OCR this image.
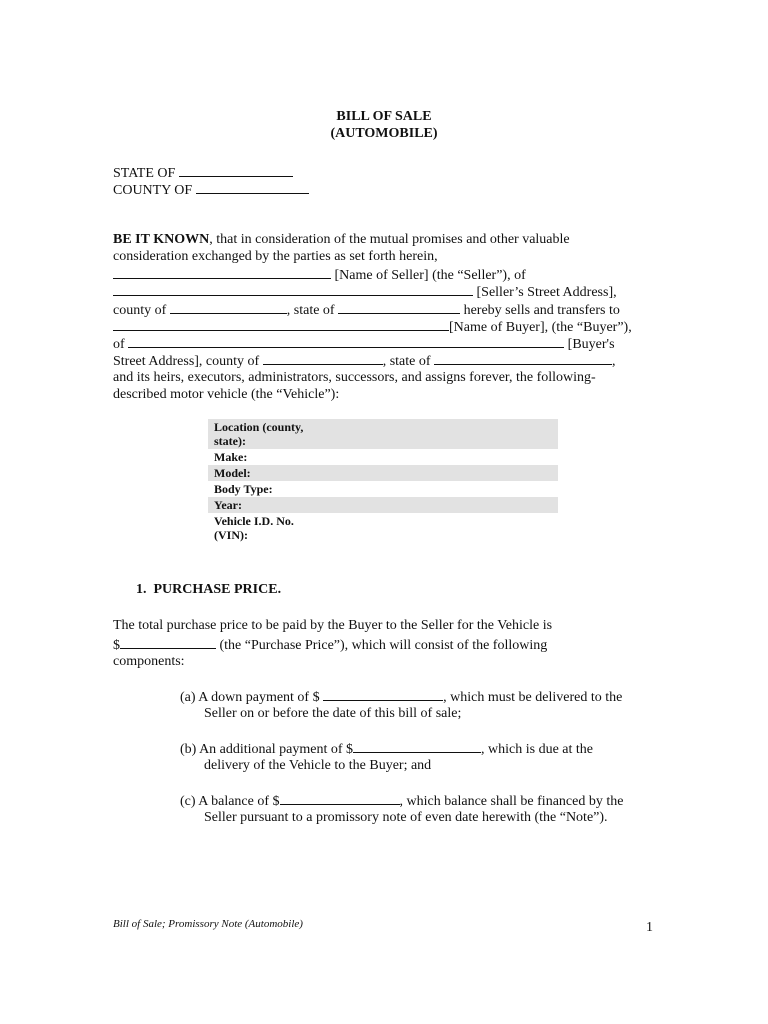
BILL OF SALE
(AUTOMOBILE)
STATE OF
COUNTY OF
BE IT KNOWN, that in consideration of the mutual promises and other valuable
consideration exchanged by the parties as set forth herein,
[Name of Seller] (the “Seller”), of
[Seller’s Street Address],
county of	, state of	hereby sells and transfers to
[Name of Buyer], (the “Buyer”),
of	[Buyer's
Street Address], county of	, state of	,
and its heirs, executors, administrators, successors, and assigns forever, the following-
described motor vehicle (the “Vehicle”):
Location (county, state):	
Make:	
Model:	
Body Type:	
Year:	
Vehicle I.D. No. (VIN):	
1.  PURCHASE PRICE.
The total purchase price to be paid by the Buyer to the Seller for the Vehicle is
$	(the “Purchase Price”), which will consist of the following
components:
(a) A down payment of $	, which must be delivered to the
Seller on or before the date of this bill of sale;
(b) An additional payment of $	, which is due at the
delivery of the Vehicle to the Buyer; and
(c) A balance of $	, which balance shall be financed by the
Seller pursuant to a promissory note of even date herewith (the “Note”).
Bill of Sale; Promissory Note (Automobile)	1
